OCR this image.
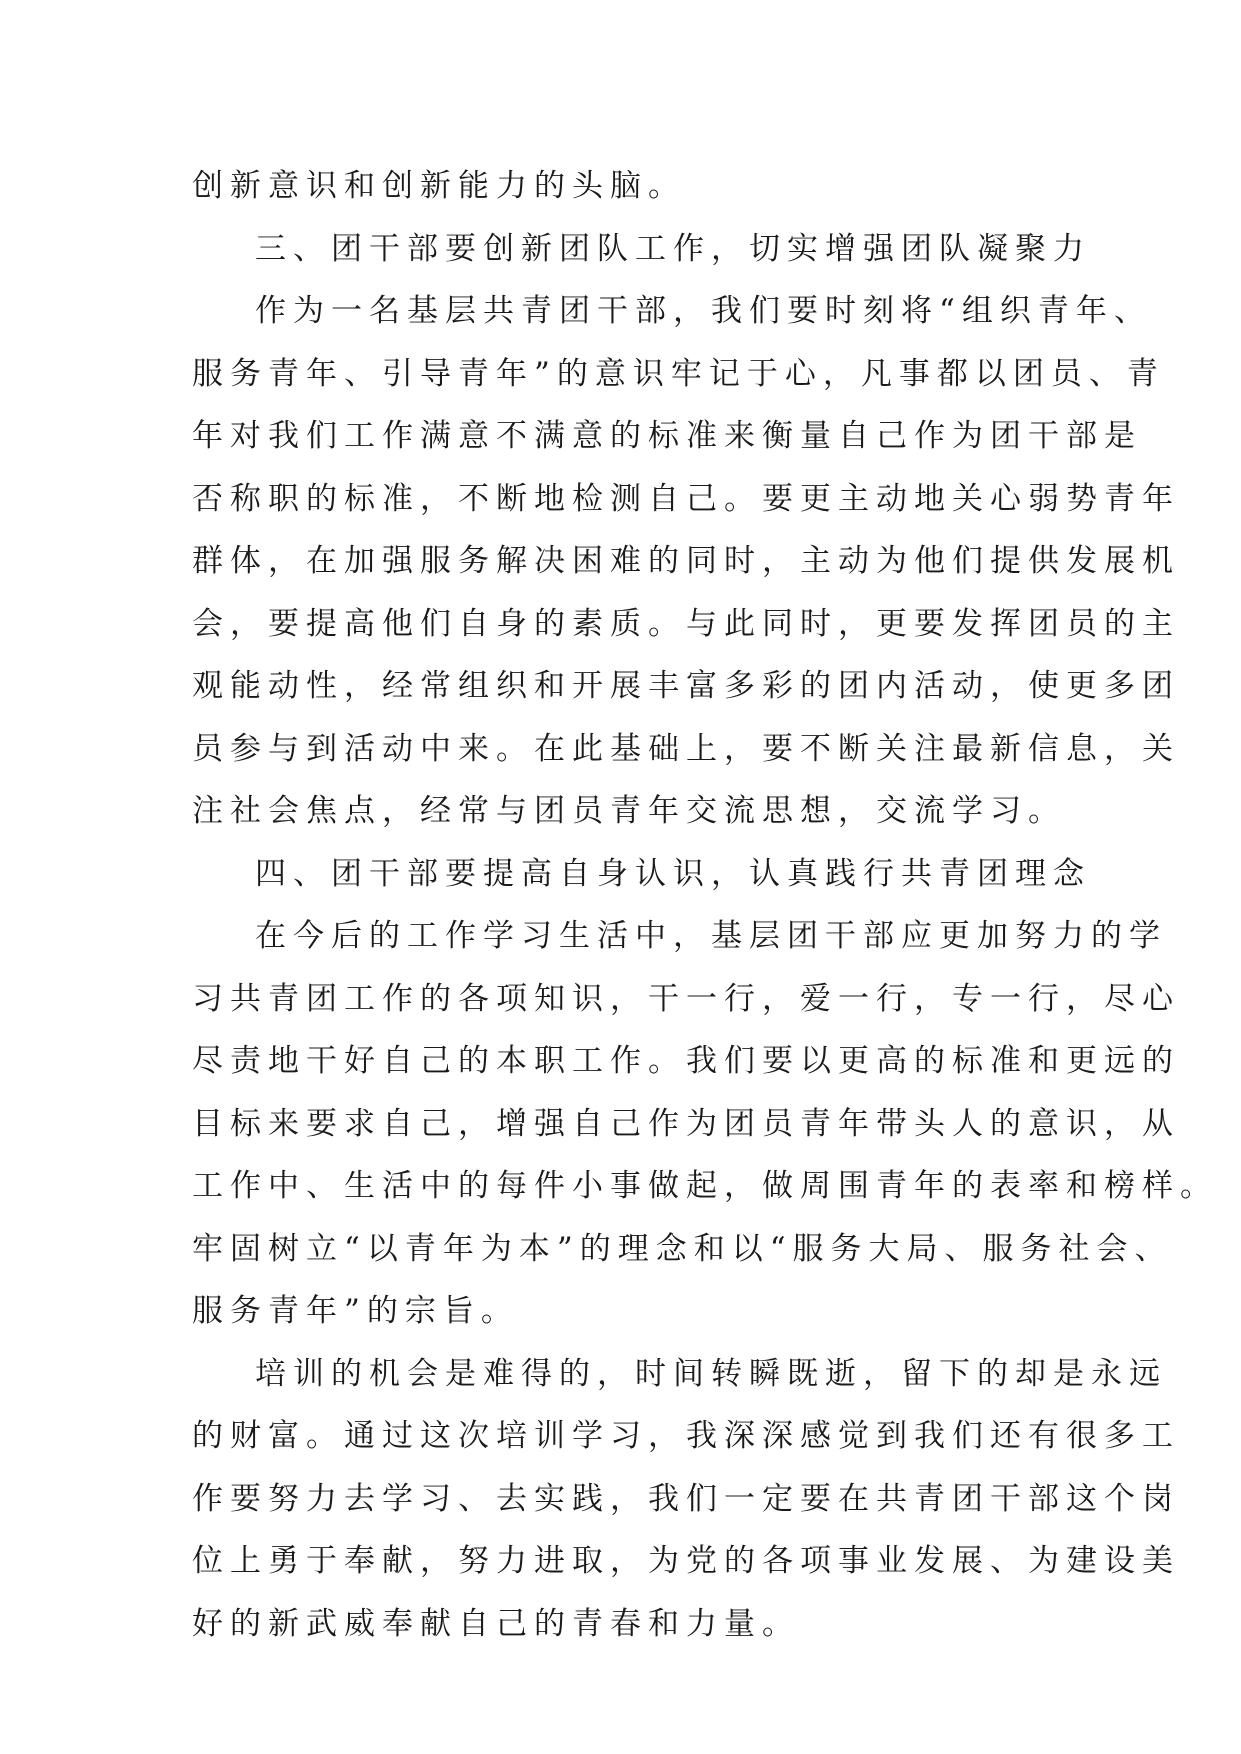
创新意识和创新能力的头脑。
三、团干部要创新团队工作，切实增强团队凝聚力
作为一名基层共青团干部，我们要时刻将“组织青年、
服务青年、引导青年”的意识牢记于心，凡事都以团员、青
年对我们工作满意不满意的标准来衡量自己作为团干部是
否称职的标准，不断地检测自己。要更主动地关心弱势青年
群体，在加强服务解决困难的同时，主动为他们提供发展机
会，要提高他们自身的素质。与此同时，更要发挥团员的主
观能动性，经常组织和开展丰富多彩的团内活动，使更多团
员参与到活动中来。在此基础上，要不断关注最新信息，关
注社会焦点，经常与团员青年交流思想，交流学习。
四、团干部要提高自身认识，认真践行共青团理念
在今后的工作学习生活中，基层团干部应更加努力的学
习共青团工作的各项知识，干一行，爱一行，专一行，尽心
尽责地干好自己的本职工作。我们要以更高的标准和更远的
目标来要求自己，增强自己作为团员青年带头人的意识，从
工作中、生活中的每件小事做起，做周围青年的表率和榜样。
牢固树立“以青年为本”的理念和以“服务大局、服务社会、
服务青年”的宗旨。
培训的机会是难得的，时间转瞬既逝，留下的却是永远
的财富。通过这次培训学习，我深深感觉到我们还有很多工
作要努力去学习、去实践，我们一定要在共青团干部这个岗
位上勇于奉献，努力进取，为党的各项事业发展、为建设美
好的新武威奉献自己的青春和力量。
